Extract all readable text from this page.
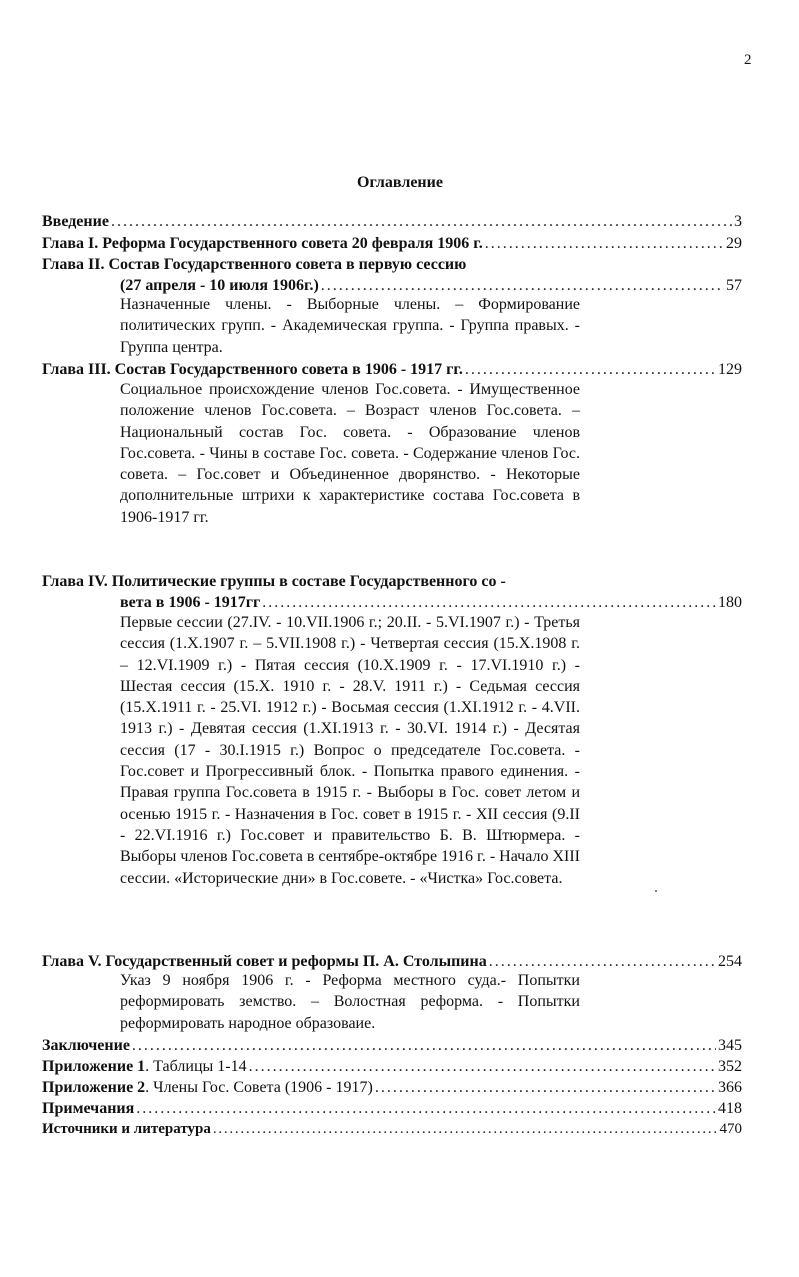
2
Оглавление
Введение . . .	3
Глава I. Реформа Государственного совета 20 февраля 1906 г. . . .	29
Глава II. Состав Государственного совета в первую сессию
(27 апреля - 10 июля 1906г.) . . .	57
Назначенные члены. - Выборные члены. – Формирование политических групп. - Академическая группа. - Группа правых. - Группа центра.
Глава III. Состав Государственного совета в 1906 - 1917 гг. . . .	129
Социальное происхождение членов Гос.совета. - Имущественное положение членов Гос.совета. – Возраст членов Гос.совета. – Национальный состав Гос. совета. - Образование членов Гос.совета. - Чины в составе Гос. совета. - Содержание членов Гос. совета. – Гос.совет и Объединенное дворянство. - Некоторые дополнительные штрихи к характеристике состава Гос.совета в 1906-1917 гг.
Глава IV. Политические группы в составе Государственного со -
вета в 1906 - 1917гг . . .	180
Первые сессии (27.IV. - 10.VII.1906 г.; 20.II. - 5.VI.1907 г.) - Третья сессия (1.X.1907 г. – 5.VII.1908 г.) - Четвертая сессия (15.X.1908 г. – 12.VI.1909 г.) - Пятая сессия (10.X.1909 г. - 17.VI.1910 г.) - Шестая сессия (15.X. 1910 г. - 28.V. 1911 г.) - Седьмая сессия (15.X.1911 г. - 25.VI. 1912 г.) - Восьмая сессия (1.XI.1912 г. - 4.VII. 1913 г.) - Девятая сессия (1.XI.1913 г. - 30.VI. 1914 г.) - Десятая сессия (17 - 30.I.1915 г.) Вопрос о председателе Гос.совета. - Гос.совет и Прогрессивный блок. - Попытка правого единения. - Правая группа Гос.совета в 1915 г. - Выборы в Гос. совет летом и осенью 1915 г. - Назначения в Гос. совет в 1915 г. - XII сессия (9.II - 22.VI.1916 г.) Гос.совет и правительство Б. В. Штюрмера. - Выборы членов Гос.совета в сентябре-октябре 1916 г. - Начало XIII сессии. «Исторические дни» в Гос.совете. - «Чистка» Гос.совета.
Глава V. Государственный совет и реформы П. А. Столыпина . . .	254
Указ 9 ноября 1906 г. - Реформа местного суда.- Попытки реформировать земство. – Волостная реформа. - Попытки реформировать народное образоваие.
Заключение . . .	345
Приложение 1. Таблицы 1-14 . . .	352
Приложение 2. Члены Гос. Совета (1906 - 1917) . . .	366
Примечания . . .	418
Источники и литература . . .	470
